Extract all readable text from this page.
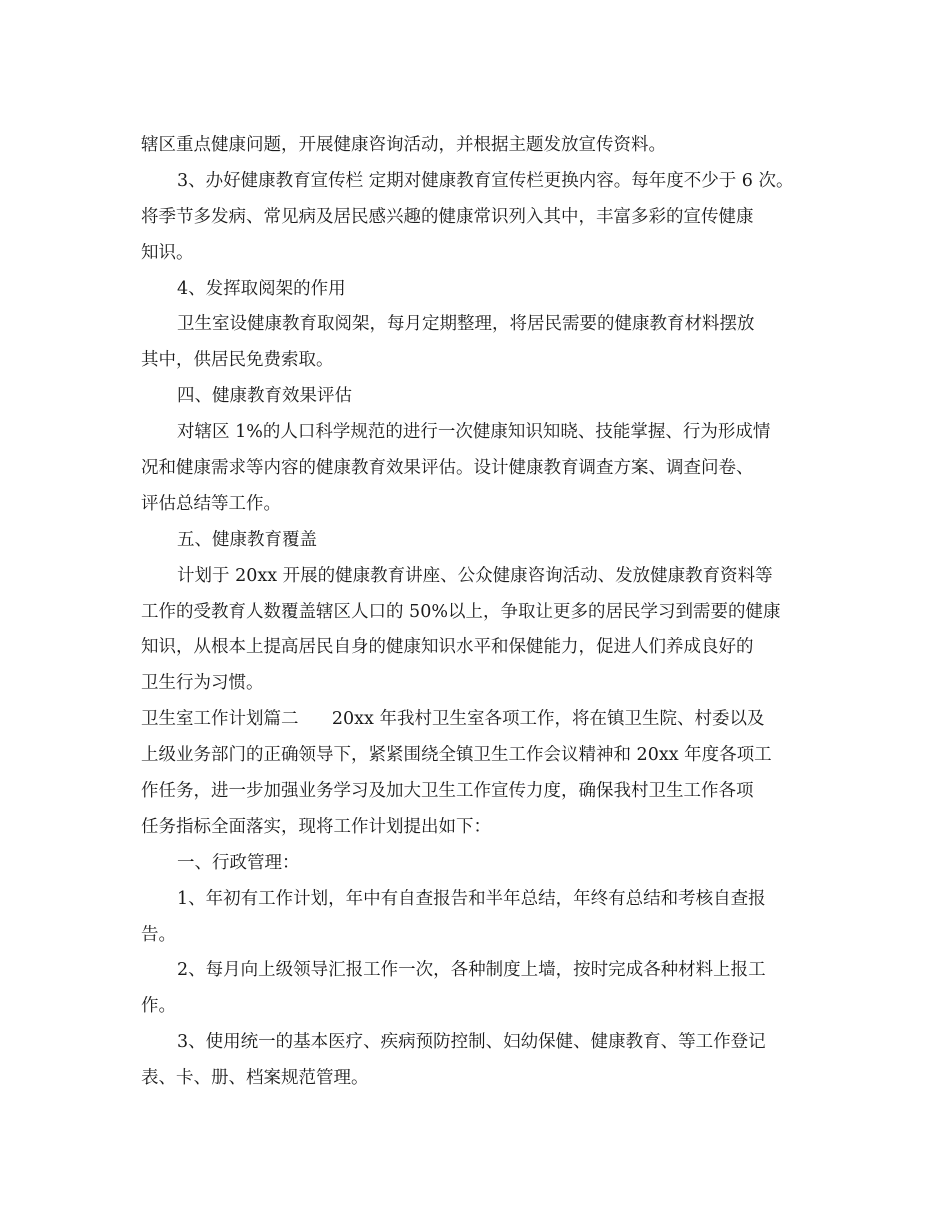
辖区重点健康问题，开展健康咨询活动，并根据主题发放宣传资料。
3、办好健康教育宣传栏 定期对健康教育宣传栏更换内容。每年度不少于 6 次。
将季节多发病、常见病及居民感兴趣的健康常识列入其中，丰富多彩的宣传健康
知识。
4、发挥取阅架的作用
卫生室设健康教育取阅架，每月定期整理，将居民需要的健康教育材料摆放
其中，供居民免费索取。
四、健康教育效果评估
对辖区 1%的人口科学规范的进行一次健康知识知晓、技能掌握、行为形成情
况和健康需求等内容的健康教育效果评估。设计健康教育调查方案、调查问卷、
评估总结等工作。
五、健康教育覆盖
计划于 20xx 开展的健康教育讲座、公众健康咨询活动、发放健康教育资料等
工作的受教育人数覆盖辖区人口的 50%以上，争取让更多的居民学习到需要的健康
知识，从根本上提高居民自身的健康知识水平和保健能力，促进人们养成良好的
卫生行为习惯。
卫生室工作计划篇二      20xx 年我村卫生室各项工作，将在镇卫生院、村委以及
上级业务部门的正确领导下，紧紧围绕全镇卫生工作会议精神和 20xx 年度各项工
作任务，进一步加强业务学习及加大卫生工作宣传力度，确保我村卫生工作各项
任务指标全面落实，现将工作计划提出如下：
一、行政管理：
1、年初有工作计划，年中有自查报告和半年总结，年终有总结和考核自查报
告。
2、每月向上级领导汇报工作一次，各种制度上墙，按时完成各种材料上报工
作。
3、使用统一的基本医疗、疾病预防控制、妇幼保健、健康教育、等工作登记
表、卡、册、档案规范管理。
